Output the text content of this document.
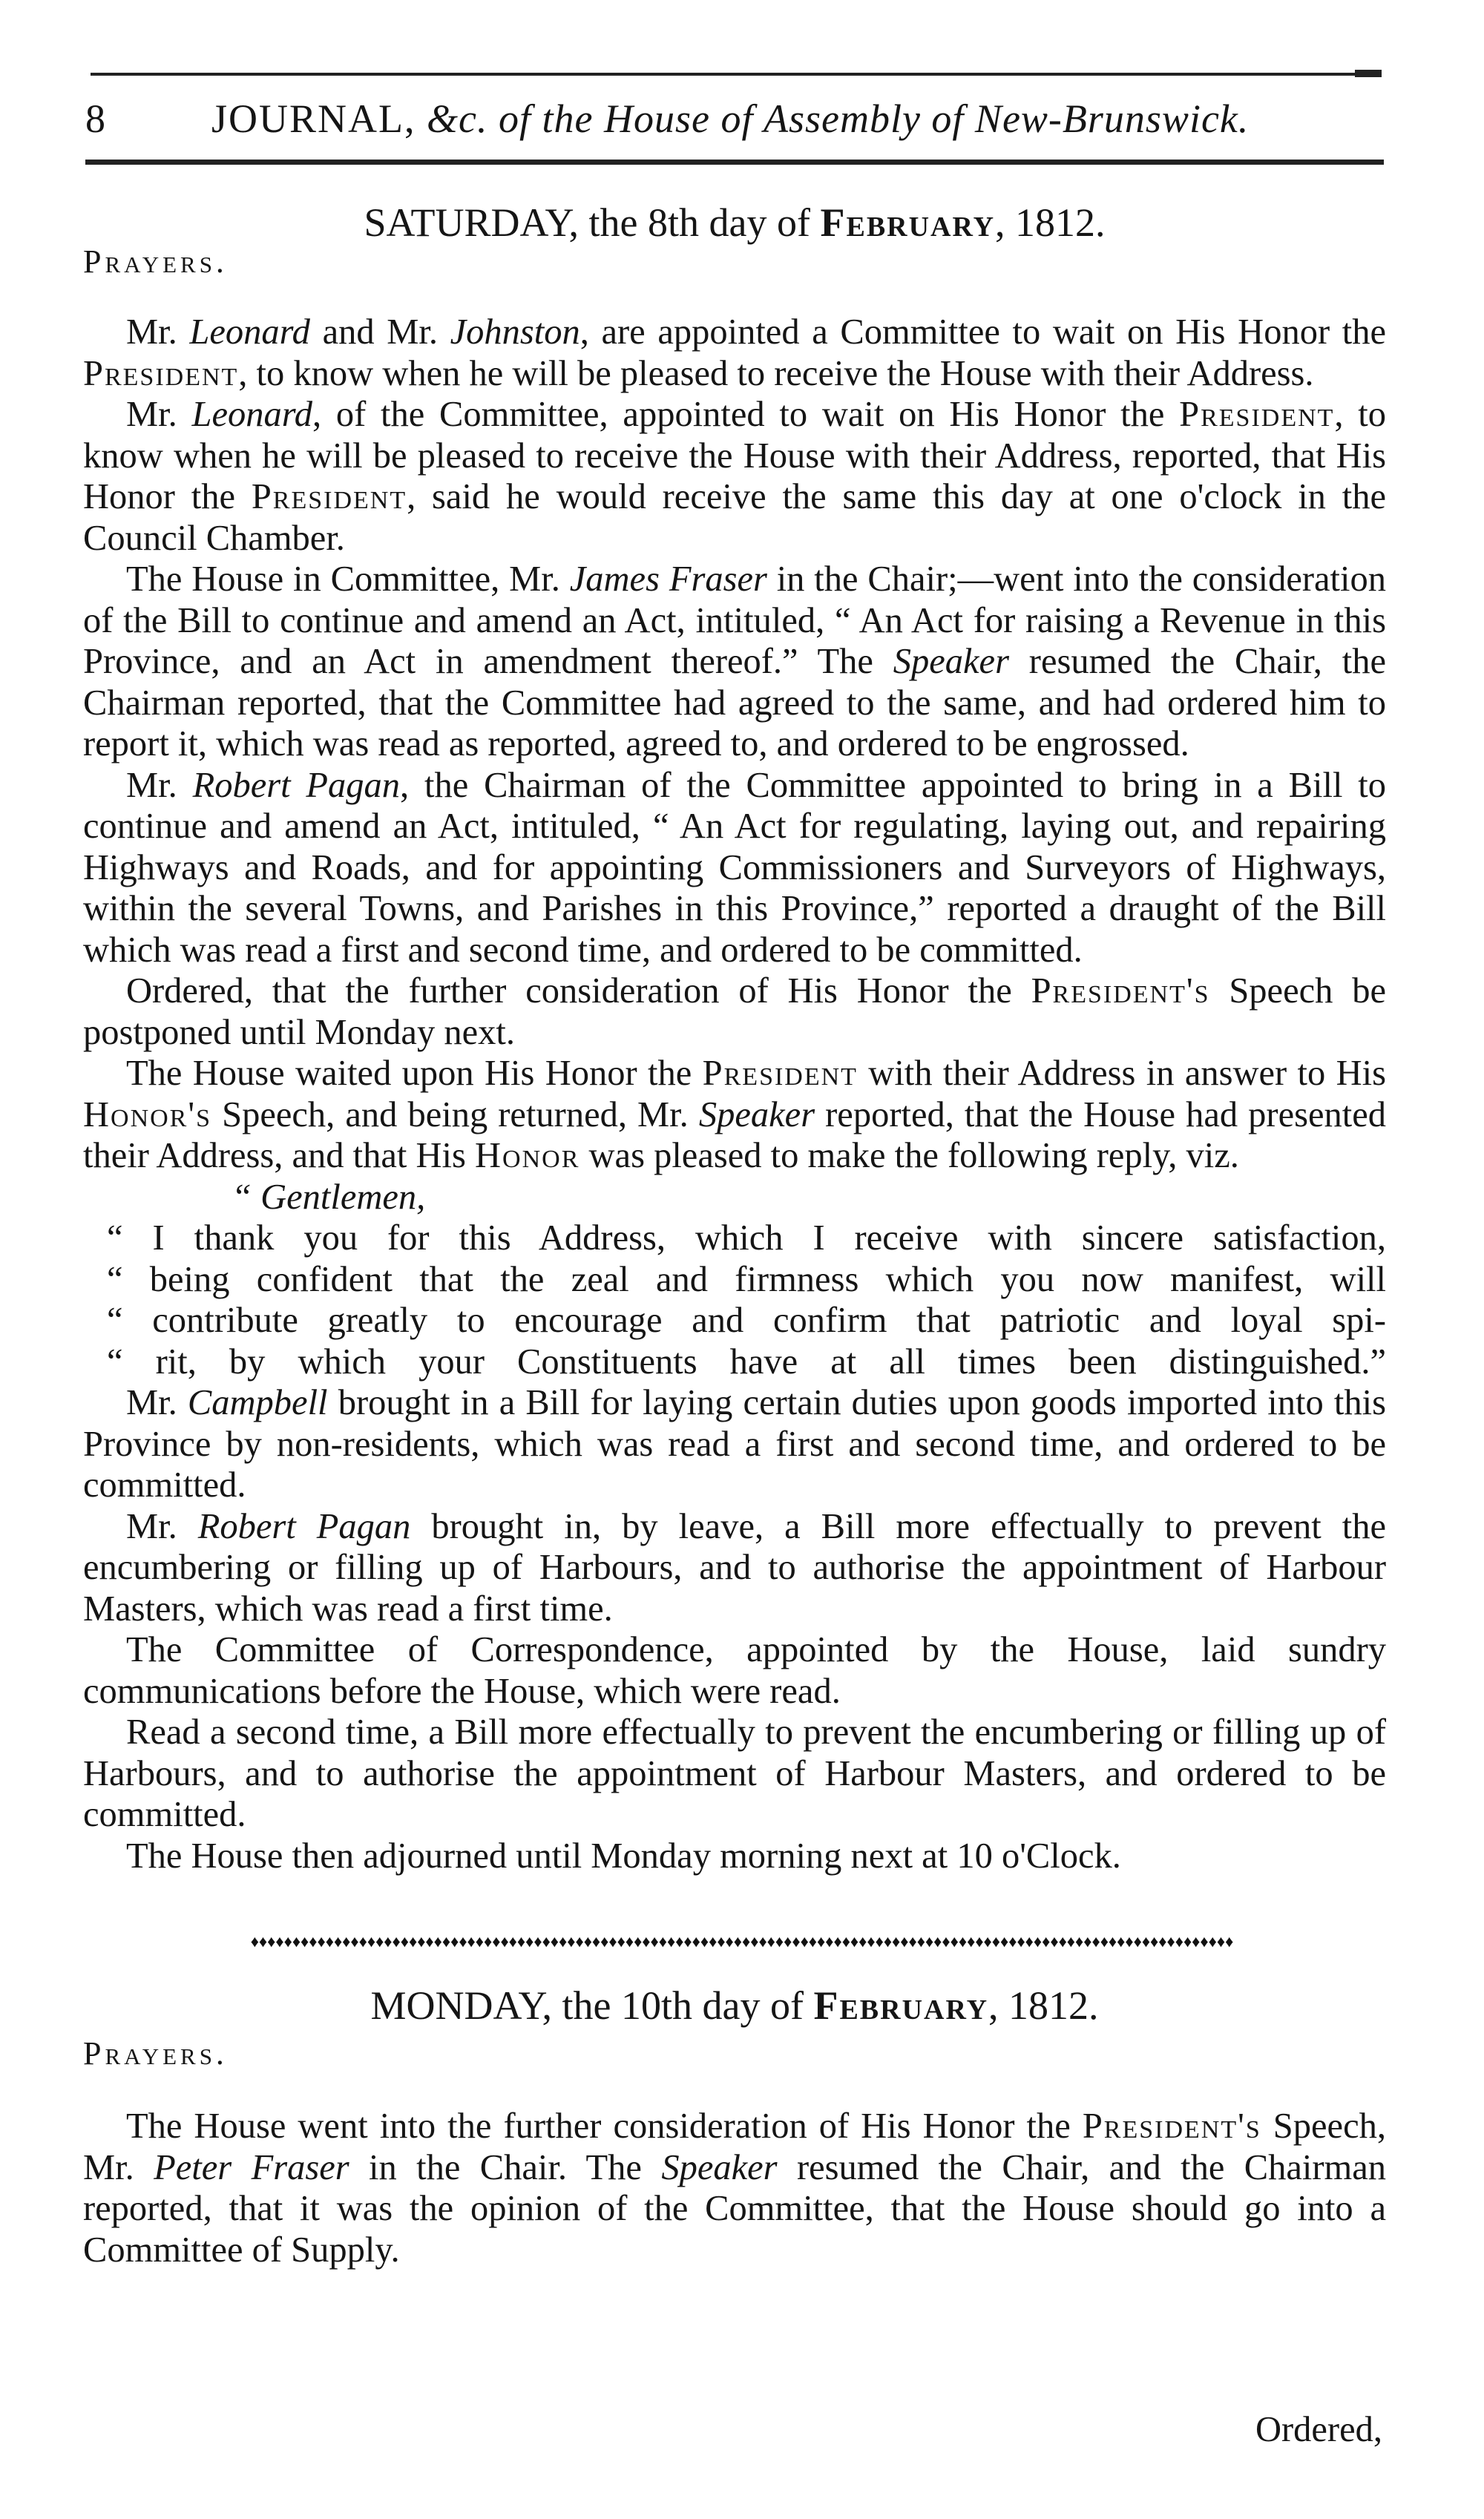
8	JOURNAL, &c. of the House of Assembly of New-Brunswick.
SATURDAY, the 8th day of February, 1812.
Prayers.

Mr. Leonard and Mr. Johnston, are appointed a Committee to wait on His Honor the President, to know when he will be pleased to receive the House with their Address.

Mr. Leonard, of the Committee, appointed to wait on His Honor the President, to know when he will be pleased to receive the House with their Address, reported, that His Honor the President, said he would receive the same this day at one o'clock in the Council Chamber.

The House in Committee, Mr. James Fraser in the Chair;—went into the consideration of the Bill to continue and amend an Act, intituled, “ An Act for raising a Revenue in this Province, and an Act in amendment thereof.” The Speaker resumed the Chair, the Chairman reported, that the Committee had agreed to the same, and had ordered him to report it, which was read as reported, agreed to, and ordered to be engrossed.

Mr. Robert Pagan, the Chairman of the Committee appointed to bring in a Bill to continue and amend an Act, intituled, “ An Act for regulating, laying out, and repairing Highways and Roads, and for appointing Commissioners and Surveyors of Highways, within the several Towns, and Parishes in this Province,” reported a draught of the Bill which was read a first and second time, and ordered to be committed.

Ordered, that the further consideration of His Honor the President's Speech be postponed until Monday next.

The House waited upon His Honor the President with their Address in answer to His Honor's Speech, and being returned, Mr. Speaker reported, that the House had presented their Address, and that His Honor was pleased to make the following reply, viz.

“ Gentlemen,

“ I thank you for this Address, which I receive with sincere satisfaction,

“ being confident that the zeal and firmness which you now manifest, will

“ contribute greatly to encourage and confirm that patriotic and loyal spi-

“ rit, by which your Constituents have at all times been distinguished.”

Mr. Campbell brought in a Bill for laying certain duties upon goods imported into this Province by non-residents, which was read a first and second time, and ordered to be committed.

Mr. Robert Pagan brought in, by leave, a Bill more effectually to prevent the encumbering or filling up of Harbours, and to authorise the appointment of Harbour Masters, which was read a first time.

The Committee of Correspondence, appointed by the House, laid sundry communications before the House, which were read.

Read a second time, a Bill more effectually to prevent the encumbering or filling up of Harbours, and to authorise the appointment of Harbour Masters, and ordered to be committed.

The House then adjourned until Monday morning next at 10 o'Clock.

♦♦♦♦♦♦♦♦♦♦♦♦♦♦♦♦♦♦♦♦♦♦♦♦♦♦♦♦♦♦♦♦♦♦♦♦♦♦♦♦♦♦♦♦♦♦♦♦♦♦♦♦♦♦♦♦♦♦♦♦♦♦♦♦♦♦♦♦♦♦♦♦♦♦♦♦♦♦♦♦♦♦♦♦♦♦♦♦♦♦♦♦♦♦♦♦♦♦♦♦♦♦♦♦♦♦♦♦♦♦♦♦♦♦♦♦♦♦
MONDAY, the 10th day of February, 1812.
Prayers.

The House went into the further consideration of His Honor the President's Speech, Mr. Peter Fraser in the Chair. The Speaker resumed the Chair, and the Chairman reported, that it was the opinion of the Committee, that the House should go into a Committee of Supply.

Ordered,
